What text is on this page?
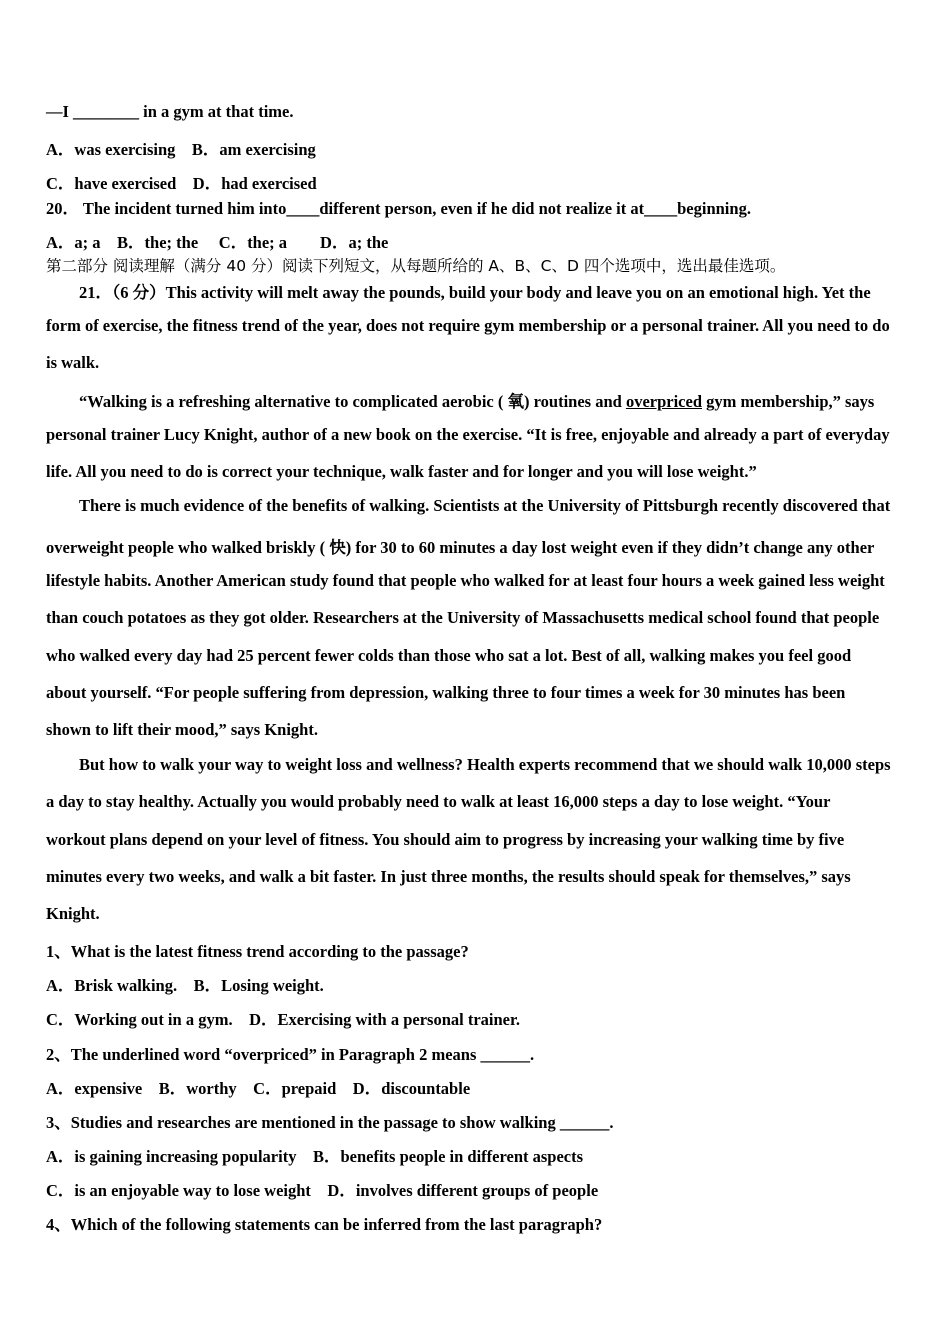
—I ________ in a gym at that time.
A．was exercising　B．am exercising
C．have exercised　D．had exercised
20． The incident turned him into____different person, even if he did not realize it at____beginning.
A．a; a　B．the; the　 C．the; a　　D．a; the
第二部分 阅读理解（满分 40 分）阅读下列短文，从每题所给的 A、B、C、D 四个选项中，选出最佳选项。
21．（6 分）This activity will melt away the pounds, build your body and leave you on an emotional high. Yet the
form of exercise, the fitness trend of the year, does not require gym membership or a personal trainer. All you need to do
is walk.
“Walking is a refreshing alternative to complicated aerobic ( 氧) routines and overpriced gym membership,” says
personal trainer Lucy Knight, author of a new book on the exercise. “It is free, enjoyable and already a part of everyday
life. All you need to do is correct your technique, walk faster and for longer and you will lose weight.”
There is much evidence of the benefits of walking. Scientists at the University of Pittsburgh recently discovered that
overweight people who walked briskly ( 快) for 30 to 60 minutes a day lost weight even if they didn’t change any other
lifestyle habits. Another American study found that people who walked for at least four hours a week gained less weight
than couch potatoes as they got older. Researchers at the University of Massachusetts medical school found that people
who walked every day had 25 percent fewer colds than those who sat a lot. Best of all, walking makes you feel good
about yourself. “For people suffering from depression, walking three to four times a week for 30 minutes has been
shown to lift their mood,” says Knight.
But how to walk your way to weight loss and wellness? Health experts recommend that we should walk 10,000 steps
a day to stay healthy. Actually you would probably need to walk at least 16,000 steps a day to lose weight. “Your
workout plans depend on your level of fitness. You should aim to progress by increasing your walking time by five
minutes every two weeks, and walk a bit faster. In just three months, the results should speak for themselves,” says
Knight.
1、What is the latest fitness trend according to the passage?
A．Brisk walking.　B．Losing weight.
C．Working out in a gym.　D．Exercising with a personal trainer.
2、The underlined word “overpriced” in Paragraph 2 means ______.
A．expensive　B．worthy　C．prepaid　D．discountable
3、Studies and researches are mentioned in the passage to show walking ______.
A．is gaining increasing popularity　B．benefits people in different aspects
C．is an enjoyable way to lose weight　D．involves different groups of people
4、Which of the following statements can be inferred from the last paragraph?
